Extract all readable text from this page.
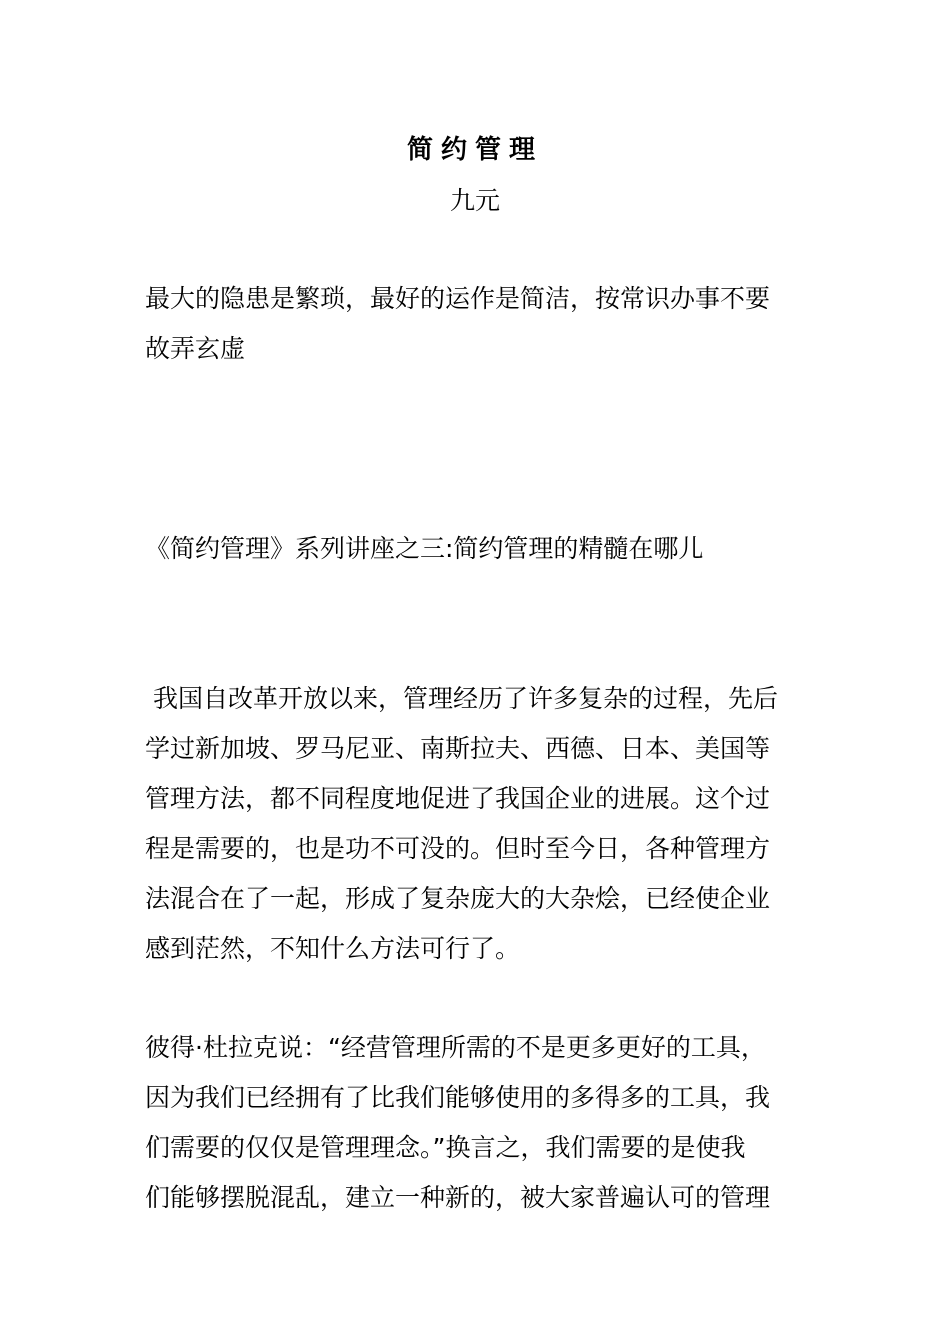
简约管理
九元
最大的隐患是繁琐，最好的运作是简洁，按常识办事不要
故弄玄虚
《简约管理》系列讲座之三:简约管理的精髓在哪儿
我国自改革开放以来，管理经历了许多复杂的过程，先后
学过新加坡、罗马尼亚、南斯拉夫、西德、日本、美国等
管理方法，都不同程度地促进了我国企业的进展。这个过
程是需要的，也是功不可没的。但时至今日，各种管理方
法混合在了一起，形成了复杂庞大的大杂烩，已经使企业
感到茫然，不知什么方法可行了。
彼得·杜拉克说：“经营管理所需的不是更多更好的工具，
因为我们已经拥有了比我们能够使用的多得多的工具，我
们需要的仅仅是管理理念。”换言之，我们需要的是使我
们能够摆脱混乱，建立一种新的，被大家普遍认可的管理
